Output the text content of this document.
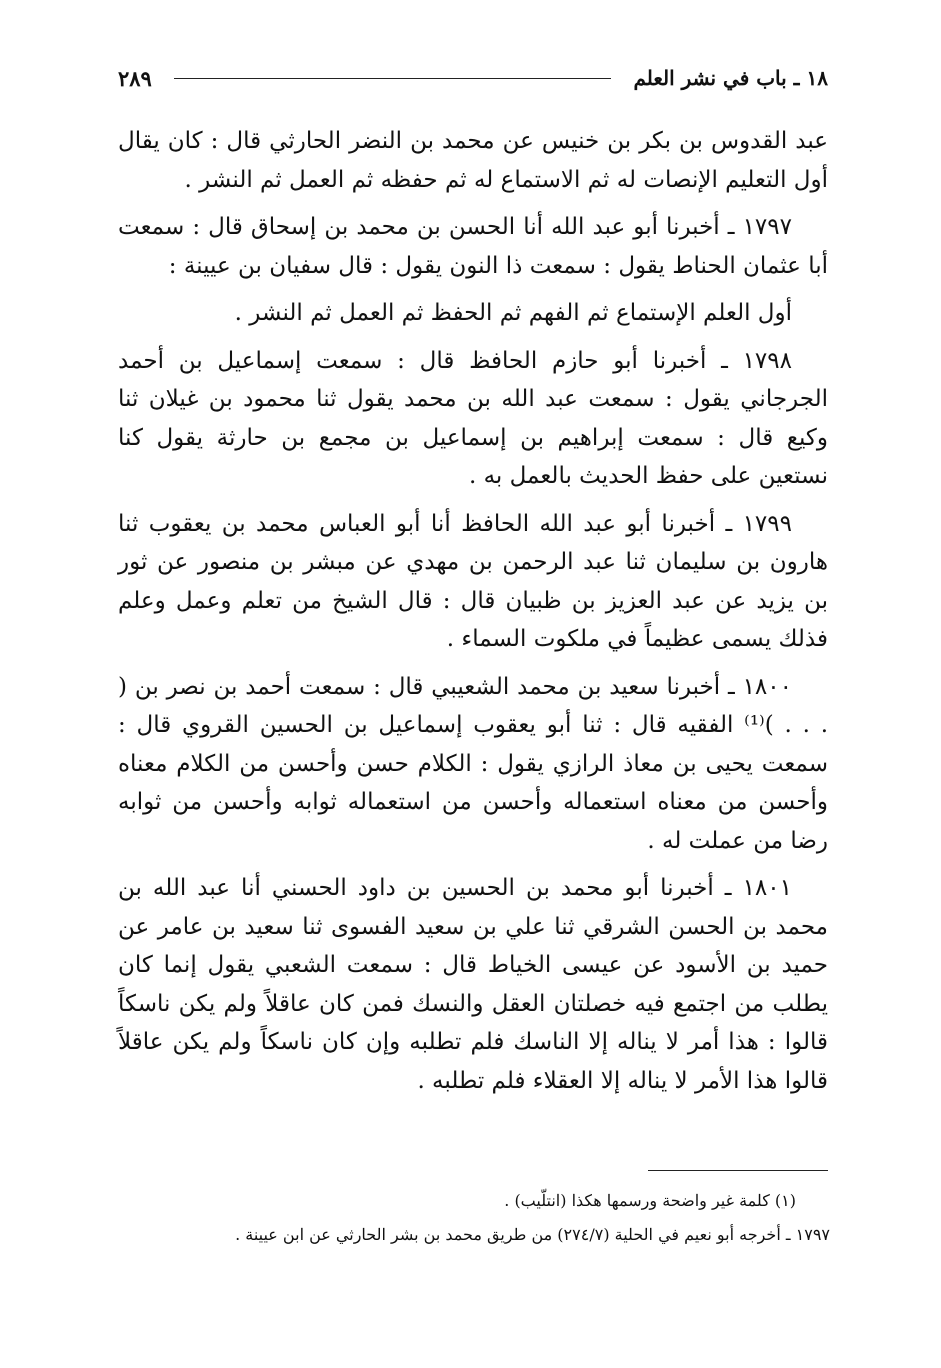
١٨ ـ باب في نشر العلم
٢٨٩

عبد القدوس بن بكر بن خنيس عن محمد بن النضر الحارثي قال : كان يقال أول التعليم الإنصات له ثم الاستماع له ثم حفظه ثم العمل ثم النشر .

١٧٩٧ ـ أخبرنا أبو عبد الله أنا الحسن بن محمد بن إسحاق قال : سمعت أبا عثمان الحناط يقول : سمعت ذا النون يقول : قال سفيان بن عيينة :

أول العلم الإستماع ثم الفهم ثم الحفظ ثم العمل ثم النشر .

١٧٩٨ ـ أخبرنا أبو حازم الحافظ قال : سمعت إسماعيل بن أحمد الجرجاني يقول : سمعت عبد الله بن محمد يقول ثنا محمود بن غيلان ثنا وكيع قال : سمعت إبراهيم بن إسماعيل بن مجمع بن حارثة يقول كنا نستعين على حفظ الحديث بالعمل به .

١٧٩٩ ـ أخبرنا أبو عبد الله الحافظ أنا أبو العباس محمد بن يعقوب ثنا هارون بن سليمان ثنا عبد الرحمن بن مهدي عن مبشر بن منصور عن ثور بن يزيد عن عبد العزيز بن ظبيان قال : قال الشيخ من تعلم وعمل وعلم فذلك يسمى عظيماً في ملكوت السماء .

١٨٠٠ ـ أخبرنا سعيد بن محمد الشعيبي قال : سمعت أحمد بن نصر بن ( . . . )⁽¹⁾ الفقيه قال : ثنا أبو يعقوب إسماعيل بن الحسين القروي قال : سمعت يحيى بن معاذ الرازي يقول : الكلام حسن وأحسن من الكلام معناه وأحسن من معناه استعماله وأحسن من استعماله ثوابه وأحسن من ثوابه رضا من عملت له .

١٨٠١ ـ أخبرنا أبو محمد بن الحسين بن داود الحسني أنا عبد الله بن محمد بن الحسن الشرقي ثنا علي بن سعيد الفسوى ثنا سعيد بن عامر عن حميد بن الأسود عن عيسى الخياط قال : سمعت الشعبي يقول إنما كان يطلب من اجتمع فيه خصلتان العقل والنسك فمن كان عاقلاً ولم يكن ناسكاً قالوا : هذا أمر لا يناله إلا الناسك فلم تطلبه وإن كان ناسكاً ولم يكن عاقلاً قالوا هذا الأمر لا يناله إلا العقلاء فلم تطلبه .

(١) كلمة غير واضحة ورسمها هكذا (انتلّيب) .

١٧٩٧ ـ أخرجه أبو نعيم في الحلية (٢٧٤/٧) من طريق محمد بن بشر الحارثي عن ابن عيينة .
